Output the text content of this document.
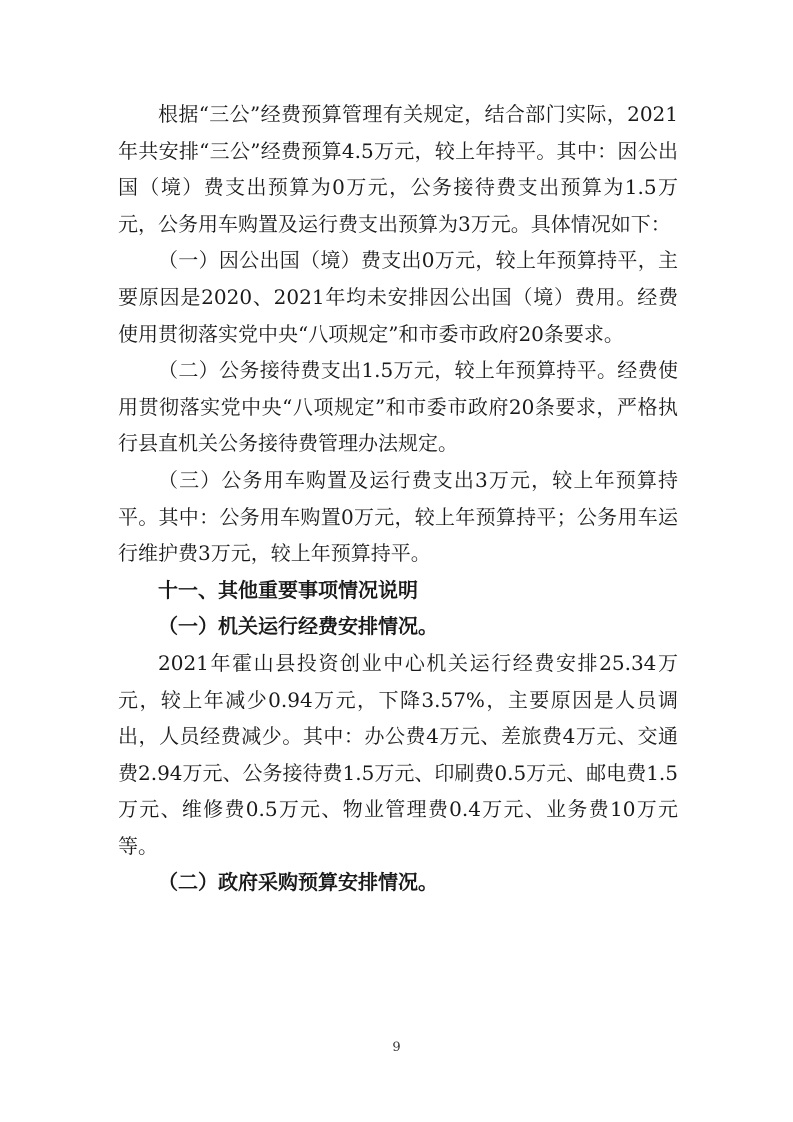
根据“三公”经费预算管理有关规定，结合部门实际，2021年共安排“三公”经费预算4.5万元，较上年持平。其中：因公出国（境）费支出预算为0万元，公务接待费支出预算为1.5万元，公务用车购置及运行费支出预算为3万元。具体情况如下：

（一）因公出国（境）费支出0万元，较上年预算持平，主要原因是2020、2021年均未安排因公出国（境）费用。经费使用贯彻落实党中央“八项规定”和市委市政府20条要求。

（二）公务接待费支出1.5万元，较上年预算持平。经费使用贯彻落实党中央“八项规定”和市委市政府20条要求，严格执行县直机关公务接待费管理办法规定。

（三）公务用车购置及运行费支出3万元，较上年预算持平。其中：公务用车购置0万元，较上年预算持平；公务用车运行维护费3万元，较上年预算持平。

十一、其他重要事项情况说明

（一）机关运行经费安排情况。

2021年霍山县投资创业中心机关运行经费安排25.34万元，较上年减少0.94万元，下降3.57%，主要原因是人员调出，人员经费减少。其中：办公费4万元、差旅费4万元、交通费2.94万元、公务接待费1.5万元、印刷费0.5万元、邮电费1.5万元、维修费0.5万元、物业管理费0.4万元、业务费10万元等。

（二）政府采购预算安排情况。

9
